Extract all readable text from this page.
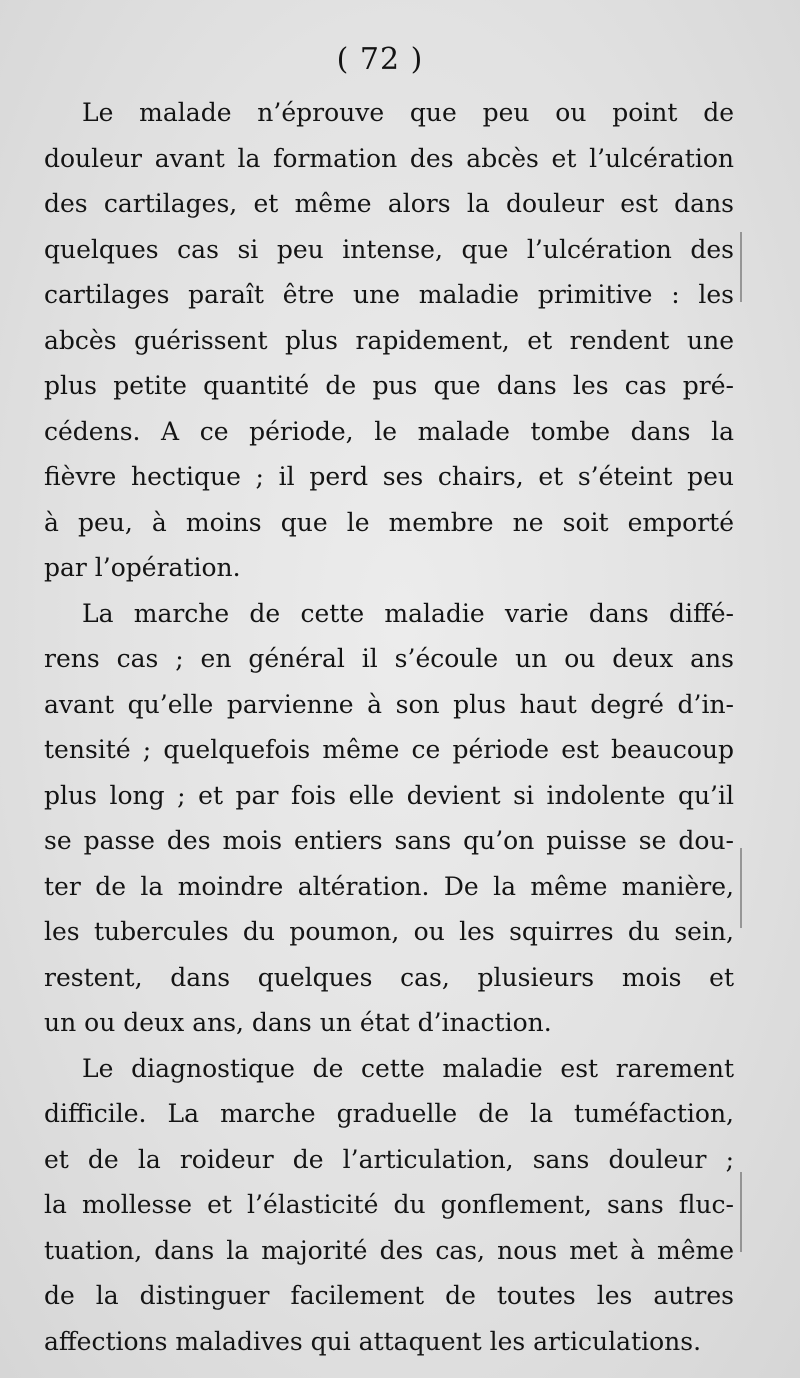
( 72 )
Le malade n’éprouve que peu ou point de
douleur avant la formation des abcès et l’ulcération
des cartilages, et même alors la douleur est dans
quelques cas si peu intense, que l’ulcération des
cartilages paraît être une maladie primitive : les
abcès guérissent plus rapidement, et rendent une
plus petite quantité de pus que dans les cas pré-
cédens. A ce période, le malade tombe dans la
fièvre hectique ; il perd ses chairs, et s’éteint peu
à peu, à moins que le membre ne soit emporté
par l’opération.
La marche de cette maladie varie dans diffé-
rens cas ; en général il s’écoule un ou deux ans
avant qu’elle parvienne à son plus haut degré d’in-
tensité ; quelquefois même ce période est beaucoup
plus long ; et par fois elle devient si indolente qu’il
se passe des mois entiers sans qu’on puisse se dou-
ter de la moindre altération. De la même manière,
les tubercules du poumon, ou les squirres du sein,
restent, dans quelques cas, plusieurs mois et
un ou deux ans, dans un état d’inaction.
Le diagnostique de cette maladie est rarement
difficile. La marche graduelle de la tuméfaction,
et de la roideur de l’articulation, sans douleur ;
la mollesse et l’élasticité du gonflement, sans fluc-
tuation, dans la majorité des cas, nous met à même
de la distinguer facilement de toutes les autres
affections maladives qui attaquent les articulations.
